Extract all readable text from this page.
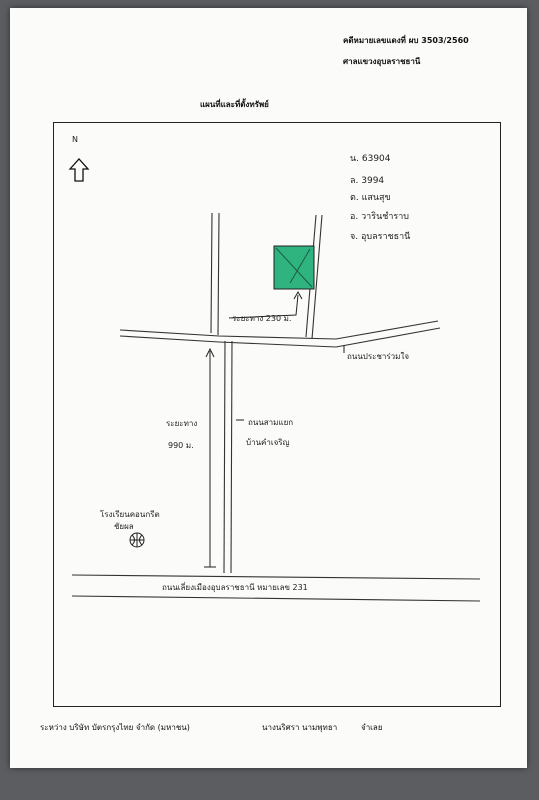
คดีหมายเลขแดงที่ ผบ 3503/2560
ศาลแขวงอุบลราชธานี
แผนที่และที่ตั้งทรัพย์
N
น. 63904
ล. 3994
ต. แสนสุข
อ. วารินชำราบ
จ. อุบลราชธานี
ระยะทาง 230 ม.
ถนนประชาร่วมใจ
ระยะทาง
990 ม.
ถนนสามแยก
บ้านคำเจริญ
โรงเรียนคอนกรีต
ชัยผล
ถนนเลี่ยงเมืองอุบลราชธานี หมายเลข 231
ระหว่าง บริษัท บัตรกรุงไทย จำกัด (มหาชน)	นางนริศรา นามพุทธา	จำเลย
